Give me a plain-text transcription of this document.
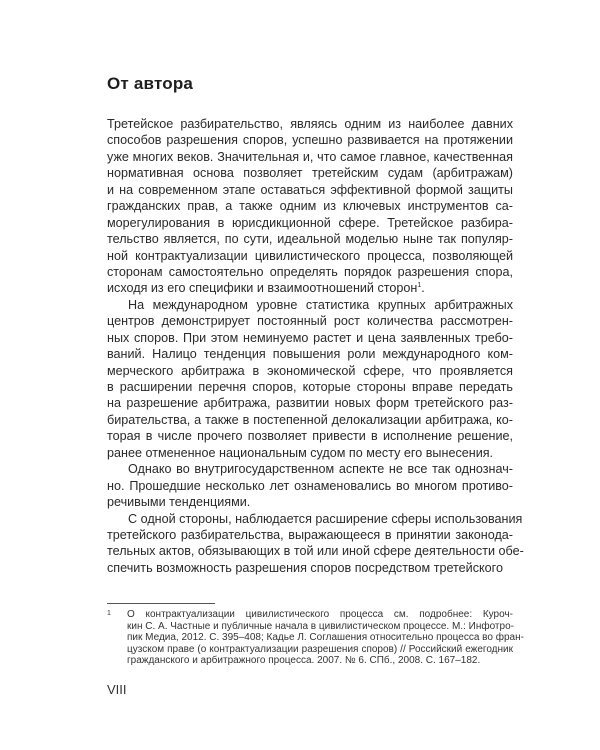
От автора
Третейское разбирательство, являясь одним из наиболее давних
способов разрешения споров, успешно развивается на протяжении
уже многих веков. Значительная и, что самое главное, качественная
нормативная основа позволяет третейским судам (арбитражам)
и на современном этапе оставаться эффективной формой защиты
гражданских прав, а также одним из ключевых инструментов са-
морегулирования в юрисдикционной сфере. Третейское разбира-
тельство является, по сути, идеальной моделью ныне так популяр-
ной контрактуализации цивилистического процесса, позволяющей
сторонам самостоятельно определять порядок разрешения спора,
исходя из его специфики и взаимоотношений сторон$^1$.
На международном уровне статистика крупных арбитражных
центров демонстрирует постоянный рост количества рассмотрен-
ных споров. При этом неминуемо растет и цена заявленных требо-
ваний. Налицо тенденция повышения роли международного ком-
мерческого арбитража в экономической сфере, что проявляется
в расширении перечня споров, которые стороны вправе передать
на разрешение арбитража, развитии новых форм третейского раз-
бирательства, а также в постепенной делокализации арбитража, ко-
торая в числе прочего позволяет привести в исполнение решение,
ранее отмененное национальным судом по месту его вынесения.
Однако во внутригосударственном аспекте не все так однознач-
но. Прошедшие несколько лет ознаменовались во многом противо-
речивыми тенденциями.
С одной стороны, наблюдается расширение сферы использования
третейского разбирательства, выражающееся в принятии законода-
тельных актов, обязывающих в той или иной сфере деятельности обе-
спечить возможность разрешения споров посредством третейского
1 О контрактуализации цивилистического процесса см. подробнее: Куроч-
кин С. А. Частные и публичные начала в цивилистическом процессе. М.: Инфотро-
пик Медиа, 2012. С. 395–408; Кадье Л. Соглашения относительно процесса во фран-
цузском праве (о контрактуализации разрешения споров) // Российский ежегодник
гражданского и арбитражного процесса. 2007. № 6. СПб., 2008. С. 167–182.
VIII
